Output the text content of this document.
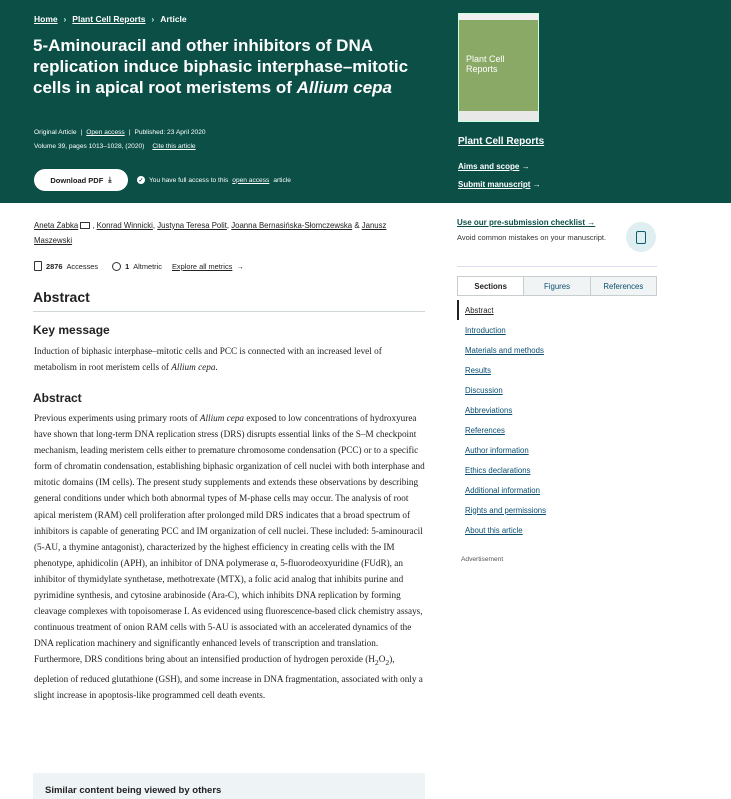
Home › Plant Cell Reports › Article
5-Aminouracil and other inhibitors of DNA replication induce biphasic interphase–mitotic cells in apical root meristems of Allium cepa
Original Article | Open access | Published: 23 April 2020
Volume 39, pages 1013–1028, (2020) Cite this article
Download PDF ⤓	✓ You have full access to this open access article
Plant Cell Reports
Plant Cell Reports
Aims and scope →
Submit manuscript →
Aneta Żabka , Konrad Winnicki, Justyna Teresa Polit, Joanna Bernasińska-Słomczewska & Janusz Maszewski
2876 Accesses	1 Altmetric Explore all metrics →
Abstract
Key message

Induction of biphasic interphase–mitotic cells and PCC is connected with an increased level of metabolism in root meristem cells of Allium cepa.

Abstract

Previous experiments using primary roots of Allium cepa exposed to low concentrations of hydroxyurea have shown that long-term DNA replication stress (DRS) disrupts essential links of the S–M checkpoint mechanism, leading meristem cells either to premature chromosome condensation (PCC) or to a specific form of chromatin condensation, establishing biphasic organization of cell nuclei with both interphase and mitotic domains (IM cells). The present study supplements and extends these observations by describing general conditions under which both abnormal types of M-phase cells may occur. The analysis of root apical meristem (RAM) cell proliferation after prolonged mild DRS indicates that a broad spectrum of inhibitors is capable of generating PCC and IM organization of cell nuclei. These included: 5-aminouracil (5-AU, a thymine antagonist), characterized by the highest efficiency in creating cells with the IM phenotype, aphidicolin (APH), an inhibitor of DNA polymerase α, 5-fluorodeoxyuridine (FUdR), an inhibitor of thymidylate synthetase, methotrexate (MTX), a folic acid analog that inhibits purine and pyrimidine synthesis, and cytosine arabinoside (Ara-C), which inhibits DNA replication by forming cleavage complexes with topoisomerase I. As evidenced using fluorescence-based click chemistry assays, continuous treatment of onion RAM cells with 5-AU is associated with an accelerated dynamics of the DNA replication machinery and significantly enhanced levels of transcription and translation. Furthermore, DRS conditions bring about an intensified production of hydrogen peroxide $(H_2O_2)$, depletion of reduced glutathione (GSH), and some increase in DNA fragmentation, associated with only a slight increase in apoptosis-like programmed cell death events.

Similar content being viewed by others
Use our pre-submission checklist →
Avoid common mistakes on your manuscript.
Sections	Figures	References
Abstract
Introduction
Materials and methods
Results
Discussion
Abbreviations
References
Author information
Ethics declarations
Additional information
Rights and permissions
About this article
Advertisement
